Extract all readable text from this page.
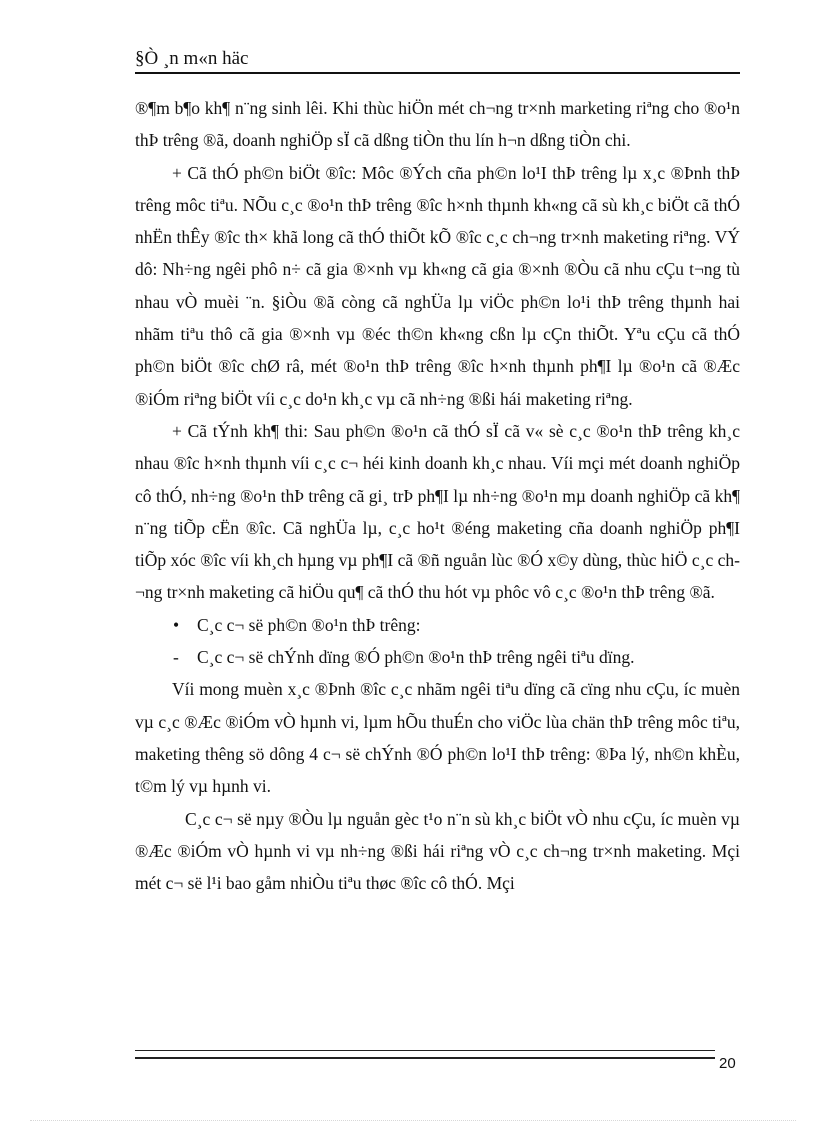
§Ò ¸n m«n häc

®¶m b¶o kh¶ n¨ng sinh lêi. Khi thùc hiÖn mét ch¬ng tr×nh marketing riªng cho ®o¹n thÞ trêng ®ã, doanh nghiÖp sÏ cã dßng tiÒn thu lín h¬n dßng tiÒn chi.

+ Cã thÓ ph©n biÖt ®îc: Môc ®Ých cña ph©n lo¹I thÞ trêng lµ x¸c ®Þnh thÞ trêng môc tiªu. NÕu c¸c ®o¹n thÞ trêng ®îc h×nh thµnh kh«ng cã sù kh¸c biÖt cã thÓ nhËn thÊy ®îc th× khã long cã thÓ thiÕt kÕ ®îc c¸c ch¬ng tr×nh maketing riªng. VÝ dô: Nh÷ng ngêi phô n÷ cã gia ®×nh vµ kh«ng cã gia ®×nh ®Òu cã nhu cÇu t¬ng tù nhau vÒ muèi ¨n. §iÒu ®ã còng cã nghÜa lµ viÖc ph©n lo¹i thÞ trêng thµnh hai nhãm tiªu thô cã gia ®×nh vµ ®éc th©n kh«ng cßn lµ cÇn thiÕt. Yªu cÇu cã thÓ ph©n biÖt ®îc chØ râ, mét ®o¹n thÞ trêng ®îc h×nh thµnh ph¶I lµ ®o¹n cã ®Æc ®iÓm riªng biÖt víi c¸c do¹n kh¸c vµ cã nh÷ng ®ßi hái maketing riªng.

+ Cã tÝnh kh¶ thi: Sau ph©n ®o¹n cã thÓ sÏ cã v« sè c¸c ®o¹n thÞ trêng kh¸c nhau ®îc h×nh thµnh víi c¸c c¬ héi kinh doanh kh¸c nhau. Víi mçi mét doanh nghiÖp cô thÓ, nh÷ng ®o¹n thÞ trêng cã gi¸ trÞ ph¶I lµ nh÷ng ®o¹n mµ doanh nghiÖp cã kh¶ n¨ng tiÕp cËn ®îc. Cã nghÜa lµ, c¸c ho¹t ®éng maketing cña doanh nghiÖp ph¶I tiÕp xóc ®îc víi kh¸ch hµng vµ ph¶I cã ®ñ nguån lùc ®Ó x©y dùng, thùc hiÖ c¸c ch¬ng tr×nh maketing cã hiÖu qu¶ cã thÓ thu hót vµ phôc vô c¸c ®o¹n thÞ trêng ®ã.

•	C¸c c¬ së ph©n ®o¹n thÞ trêng:
-	C¸c c¬ së chÝnh dïng ®Ó ph©n ®o¹n thÞ trêng ngêi tiªu dïng.

Víi mong muèn x¸c ®Þnh ®îc c¸c nhãm ngêi tiªu dïng cã cïng nhu cÇu, íc muèn vµ c¸c ®Æc ®iÓm vÒ hµnh vi, lµm hÕu thuÉn cho viÖc lùa chän thÞ trêng môc tiªu, maketing thêng sö dông 4 c¬ së chÝnh ®Ó ph©n lo¹I thÞ trêng: ®Þa lý, nh©n khÈu, t©m lý vµ hµnh vi.

C¸c c¬ së nµy ®Òu lµ nguån gèc t¹o n¨n sù kh¸c biÖt vÒ nhu cÇu, íc muèn vµ ®Æc ®iÓm vÒ hµnh vi vµ nh÷ng ®ßi hái riªng vÒ c¸c ch¬ng tr×nh maketing. Mçi mét c¬ së l¹i bao gåm nhiÒu tiªu thøc ®îc cô thÓ. Mçi

20
